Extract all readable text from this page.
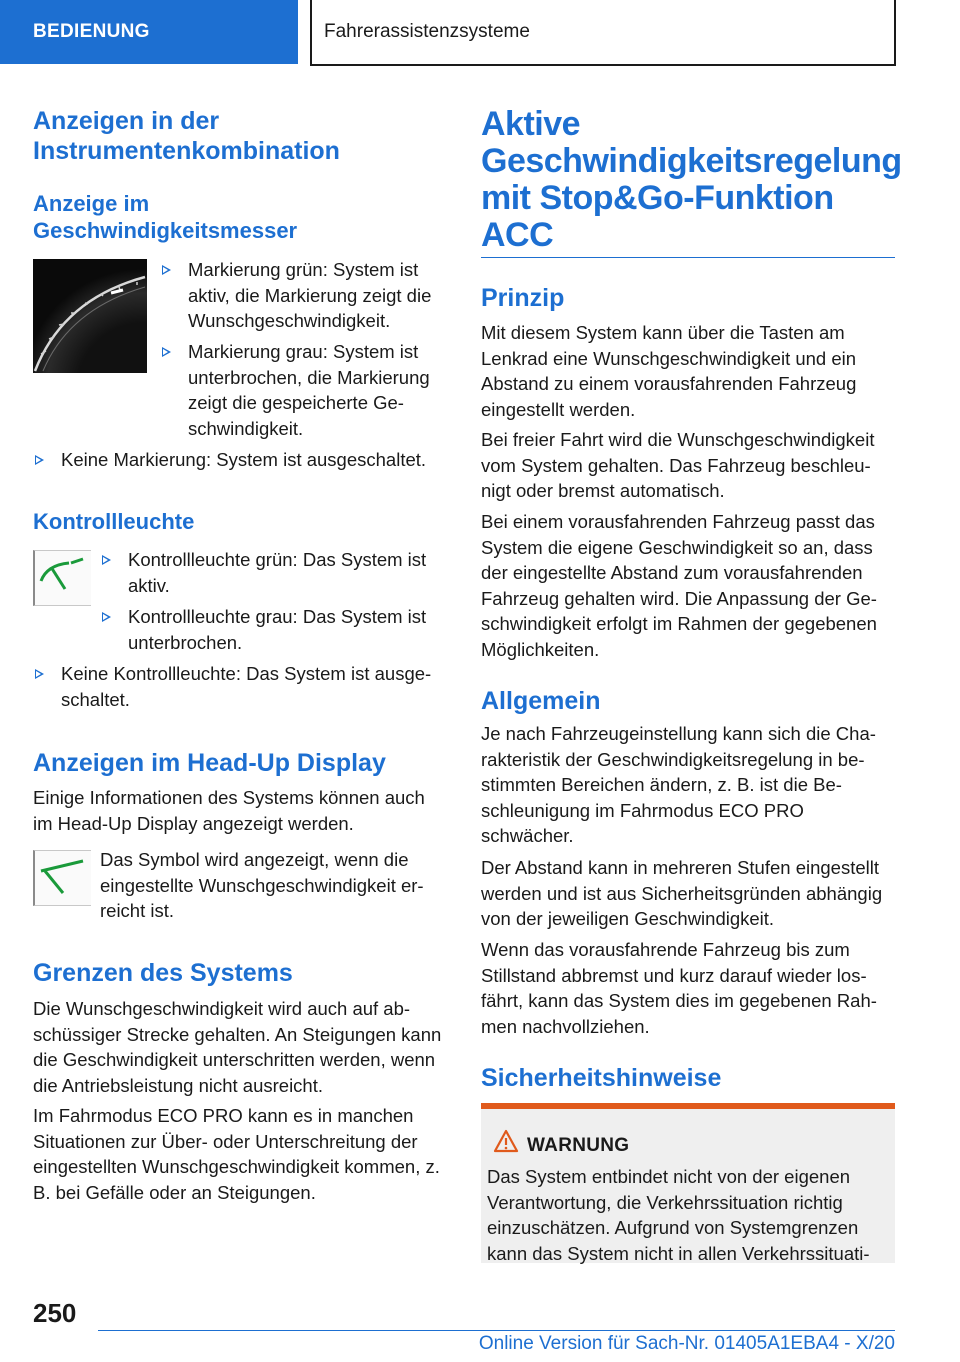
BEDIENUNG	Fahrerassistenzsysteme
Anzeigen in der Instrumentenkombination
Anzeige im Geschwindigkeitsmesser
Markierung grün: System ist aktiv, die Markierung zeigt die Wunschgeschwindigkeit.
Markierung grau: System ist unterbrochen, die Markierung zeigt die gespeicherte Ge-schwindigkeit.
Keine Markierung: System ist ausgeschaltet.
Kontrollleuchte
Kontrollleuchte grün: Das System ist aktiv.
Kontrollleuchte grau: Das System ist unterbrochen.
Keine Kontrollleuchte: Das System ist ausge-schaltet.
Anzeigen im Head-Up Display
Einige Informationen des Systems können auch im Head-Up Display angezeigt werden.
Das Symbol wird angezeigt, wenn die eingestellte Wunschgeschwindigkeit er-reicht ist.
Grenzen des Systems
Die Wunschgeschwindigkeit wird auch auf ab-schüssiger Strecke gehalten. An Steigungen kann die Geschwindigkeit unterschritten werden, wenn die Antriebsleistung nicht ausreicht.
Im Fahrmodus ECO PRO kann es in manchen Situationen zur Über- oder Unterschreitung der eingestellten Wunschgeschwindigkeit kommen, z. B. bei Gefälle oder an Steigungen.
Aktive Geschwindigkeitsregelung mit Stop&Go-Funktion ACC
Prinzip
Mit diesem System kann über die Tasten am Lenkrad eine Wunschgeschwindigkeit und ein Abstand zu einem vorausfahrenden Fahrzeug eingestellt werden.
Bei freier Fahrt wird die Wunschgeschwindigkeit vom System gehalten. Das Fahrzeug beschleu-nigt oder bremst automatisch.
Bei einem vorausfahrenden Fahrzeug passt das System die eigene Geschwindigkeit so an, dass der eingestellte Abstand zum vorausfahrenden Fahrzeug gehalten wird. Die Anpassung der Ge-schwindigkeit erfolgt im Rahmen der gegebenen Möglichkeiten.
Allgemein
Je nach Fahrzeugeinstellung kann sich die Cha-rakteristik der Geschwindigkeitsregelung in be-stimmten Bereichen ändern, z. B. ist die Be-schleunigung im Fahrmodus ECO PRO schwächer.
Der Abstand kann in mehreren Stufen eingestellt werden und ist aus Sicherheitsgründen abhängig von der jeweiligen Geschwindigkeit.
Wenn das vorausfahrende Fahrzeug bis zum Stillstand abbremst und kurz darauf wieder los-fährt, kann das System dies im gegebenen Rah-men nachvollziehen.
Sicherheitshinweise
WARNUNG
Das System entbindet nicht von der eigenen Verantwortung, die Verkehrssituation richtig einzuschätzen. Aufgrund von Systemgrenzen kann das System nicht in allen Verkehrssituati-
250
Online Version für Sach-Nr. 01405A1EBA4 - X/20
